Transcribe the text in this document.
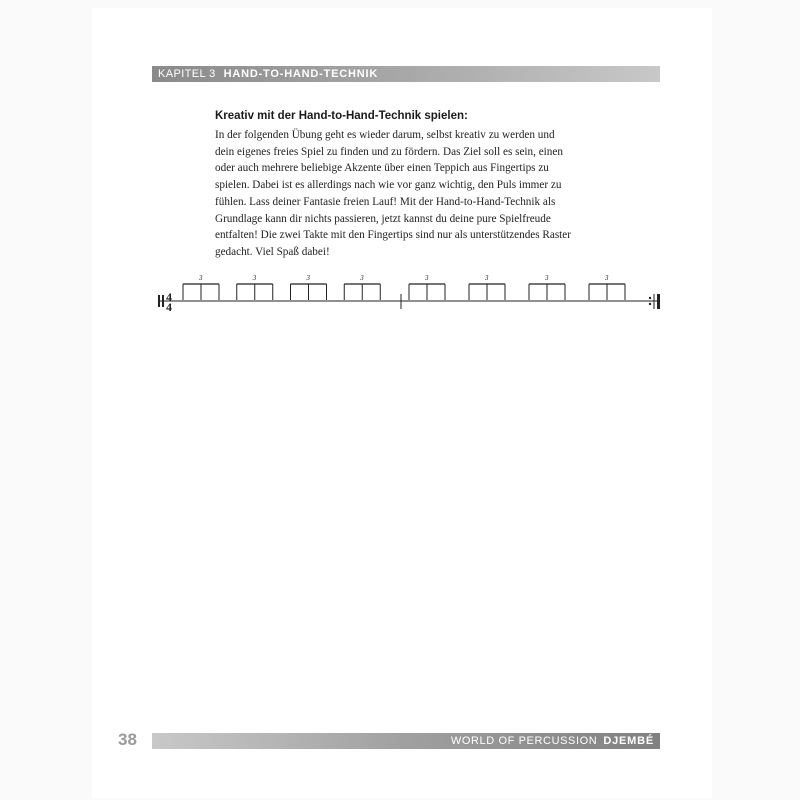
KAPITEL 3 HAND-TO-HAND-TECHNIK
Kreativ mit der Hand-to-Hand-Technik spielen:
In der folgenden Übung geht es wieder darum, selbst kreativ zu werden und
dein eigenes freies Spiel zu finden und zu fördern. Das Ziel soll es sein, einen
oder auch mehrere beliebige Akzente über einen Teppich aus Fingertips zu
spielen. Dabei ist es allerdings nach wie vor ganz wichtig, den Puls immer zu
fühlen. Lass deiner Fantasie freien Lauf! Mit der Hand-to-Hand-Technik als
Grundlage kann dir nichts passieren, jetzt kannst du deine pure Spielfreude
entfalten! Die zwei Takte mit den Fingertips sind nur als unterstützendes Raster
gedacht. Viel Spaß dabei!
4
4
3	3	3	3	3	3	3	3
38	WORLD OF PERCUSSION DJEMBÉ
